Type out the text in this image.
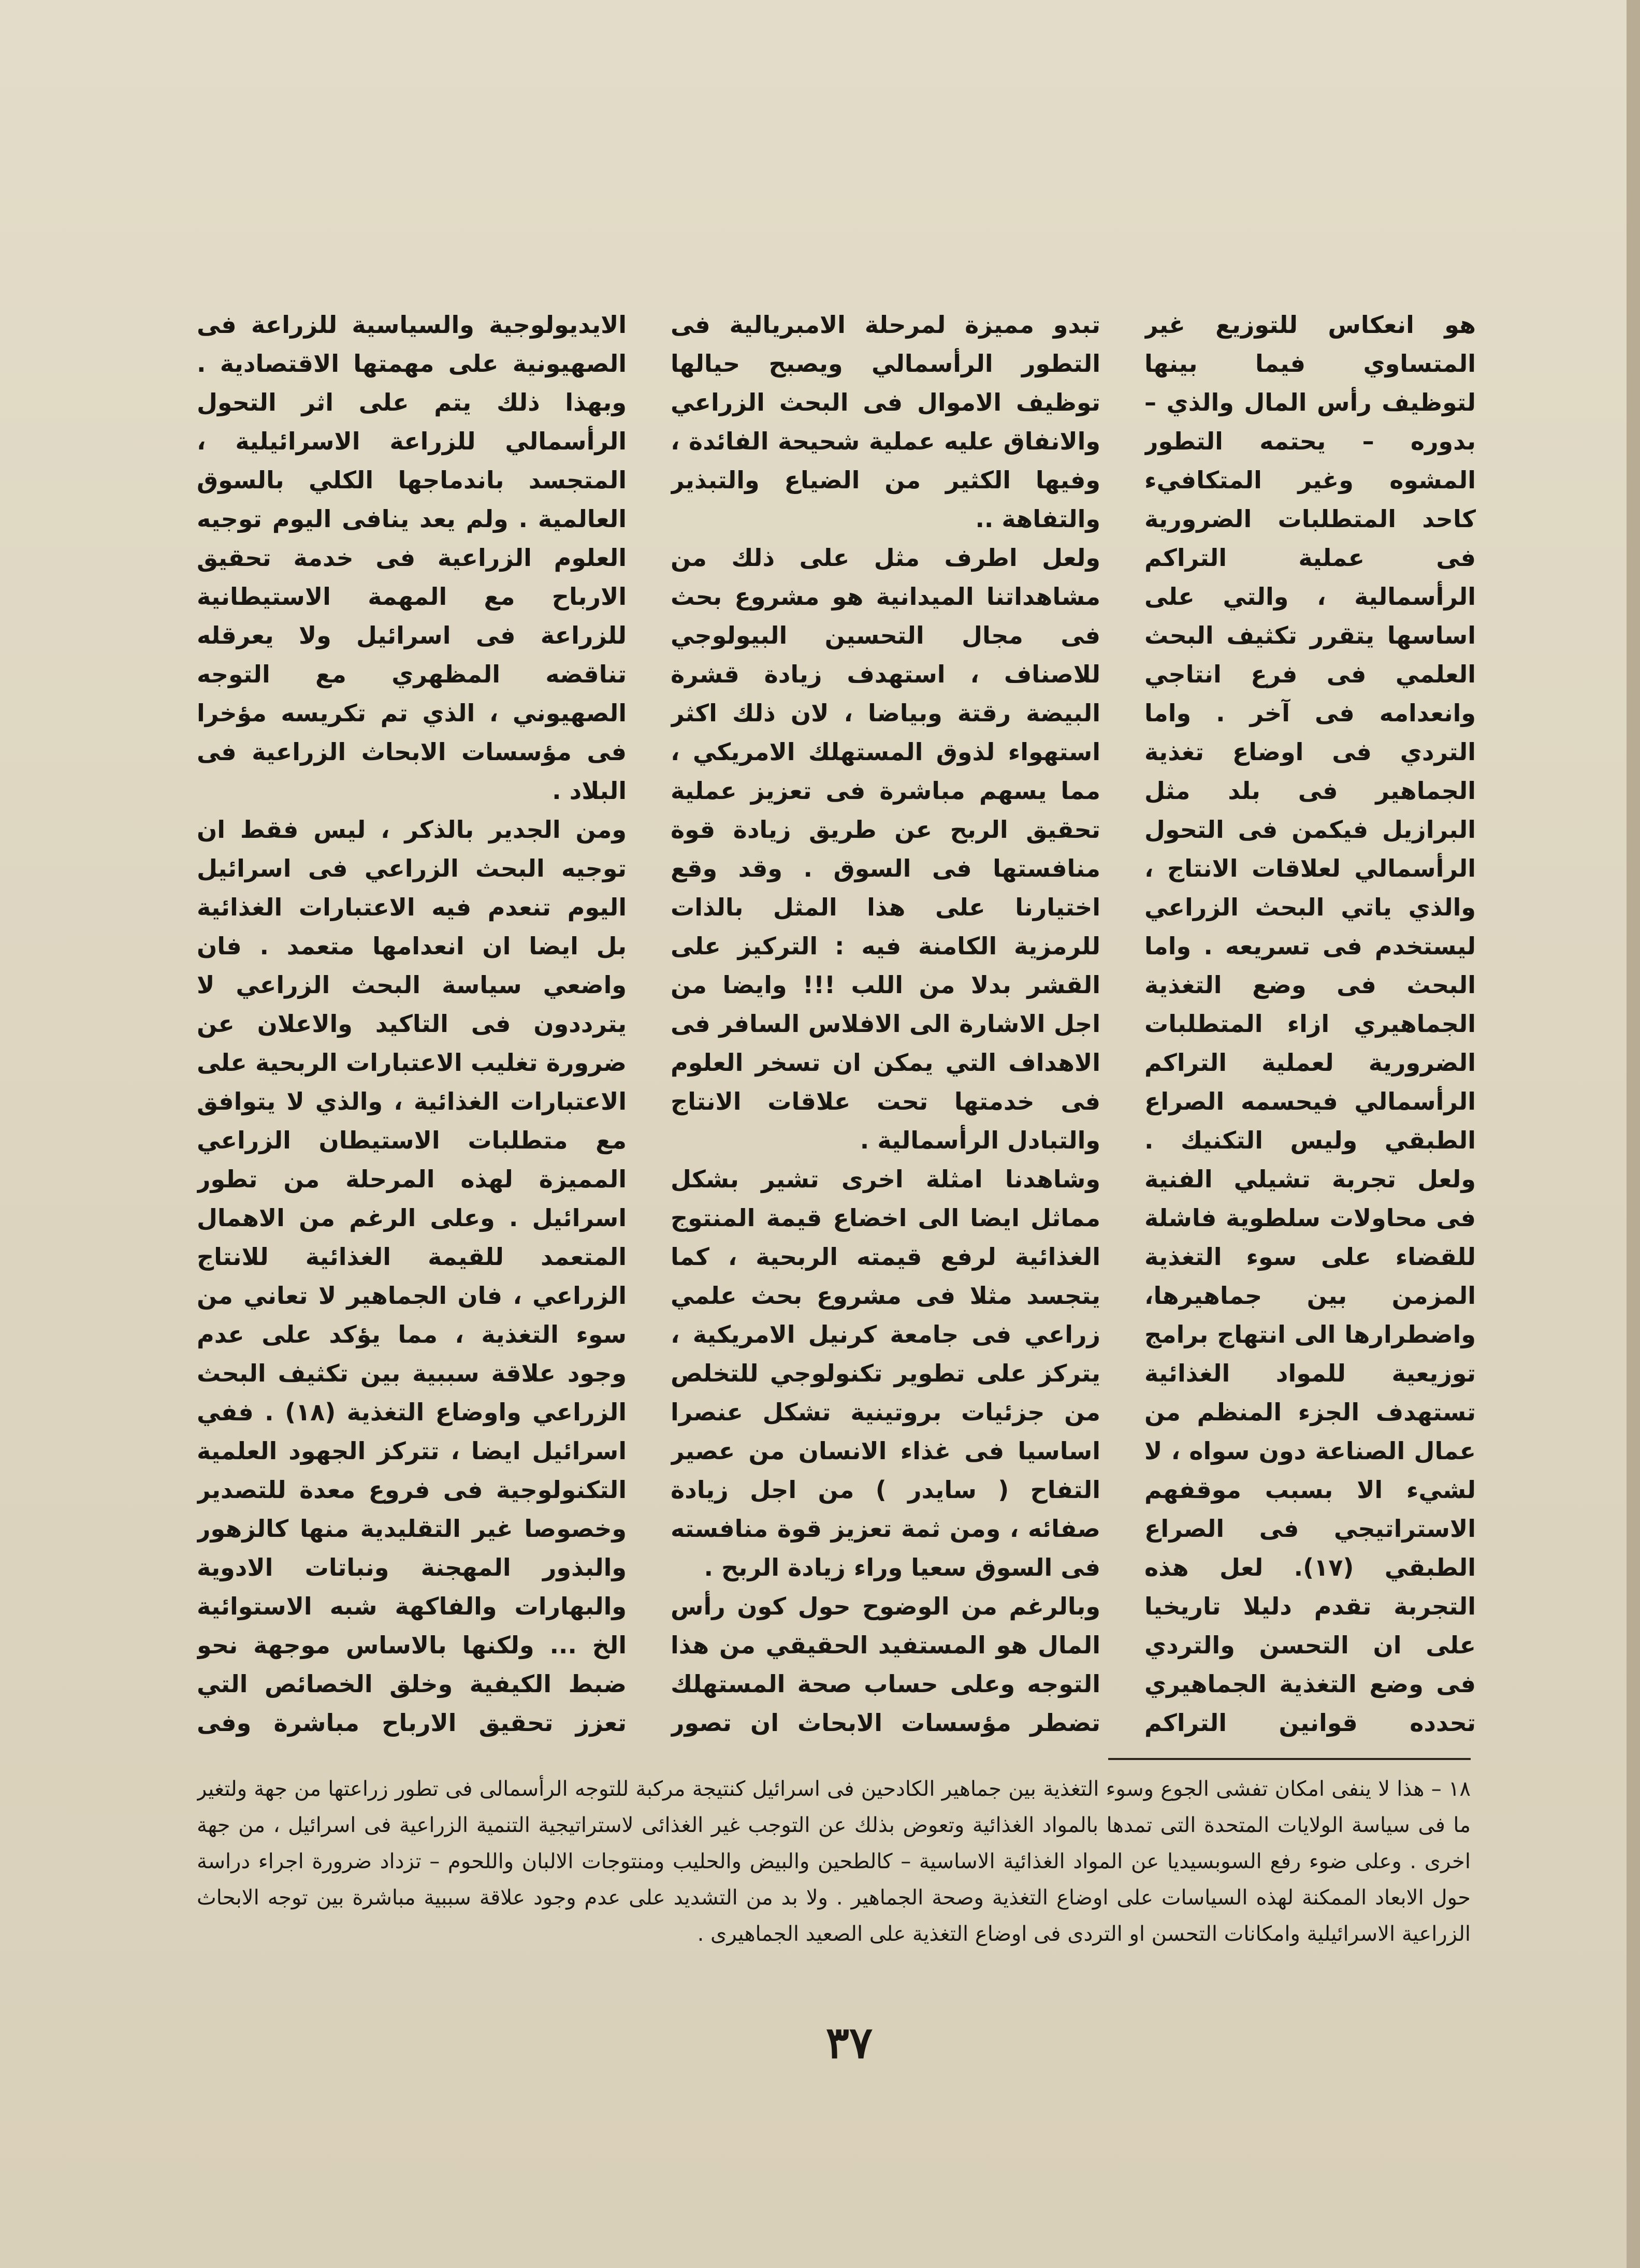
هو انعكاس للتوزيع غير المتساوي فيما بينها لتوظيف رأس المال والذي – بدوره – يحتمه التطور المشوه وغير المتكافيء كاحد المتطلبات الضرورية فى عملية التراكم الرأسمالية ، والتي على اساسها يتقرر تكثيف البحث العلمي فى فرع انتاجي وانعدامه فى آخر . واما التردي فى اوضاع تغذية الجماهير فى بلد مثل البرازيل فيكمن فى التحول الرأسمالي لعلاقات الانتاج ، والذي ياتي البحث الزراعي ليستخدم فى تسريعه . واما البحث فى وضع التغذية الجماهيري ازاء المتطلبات الضرورية لعملية التراكم الرأسمالي فيحسمه الصراع الطبقي وليس التكنيك . ولعل تجربة تشيلي الفنية فى محاولات سلطوية فاشلة للقضاء على سوء التغذية المزمن بين جماهيرها، واضطرارها الى انتهاج برامج توزيعية للمواد الغذائية تستهدف الجزء المنظم من عمال الصناعة دون سواه ، لا لشيء الا بسبب موقفهم الاستراتيجي فى الصراع الطبقي (١٧). لعل هذه التجربة تقدم دليلا تاريخيا على ان التحسن والتردي فى وضع التغذية الجماهيري تحدده قوانين التراكم

تبدو مميزة لمرحلة الامبريالية فى التطور الرأسمالي ويصبح حيالها توظيف الاموال فى البحث الزراعي والانفاق عليه عملية شحيحة الفائدة ، وفيها الكثير من الضياع والتبذير والتفاهة ..

ولعل اطرف مثل على ذلك من مشاهداتنا الميدانية هو مشروع بحث فى مجال التحسين البيولوجي للاصناف ، استهدف زيادة قشرة البيضة رقتة وبياضا ، لان ذلك اكثر استهواء لذوق المستهلك الامريكي ، مما يسهم مباشرة فى تعزيز عملية تحقيق الربح عن طريق زيادة قوة منافستها فى السوق . وقد وقع اختيارنا على هذا المثل بالذات للرمزية الكامنة فيه : التركيز على القشر بدلا من اللب !!! وايضا من اجل الاشارة الى الافلاس السافر فى الاهداف التي يمكن ان تسخر العلوم فى خدمتها تحت علاقات الانتاج والتبادل الرأسمالية .

وشاهدنا امثلة اخرى تشير بشكل مماثل ايضا الى اخضاع قيمة المنتوج الغذائية لرفع قيمته الربحية ، كما يتجسد مثلا فى مشروع بحث علمي زراعي فى جامعة كرنيل الامريكية ، يتركز على تطوير تكنولوجي للتخلص من جزئيات بروتينية تشكل عنصرا اساسيا فى غذاء الانسان من عصير التفاح ( سايدر ) من اجل زيادة صفائه ، ومن ثمة تعزيز قوة منافسته فى السوق سعيا وراء زيادة الربح .

وبالرغم من الوضوح حول كون رأس المال هو المستفيد الحقيقي من هذا التوجه وعلى حساب صحة المستهلك تضطر مؤسسات الابحاث ان تصور

الايديولوجية والسياسية للزراعة فى الصهيونية على مهمتها الاقتصادية . وبهذا ذلك يتم على اثر التحول الرأسمالي للزراعة الاسرائيلية ، المتجسد باندماجها الكلي بالسوق العالمية . ولم يعد ينافى اليوم توجيه العلوم الزراعية فى خدمة تحقيق الارباح مع المهمة الاستيطانية للزراعة فى اسرائيل ولا يعرقله تناقضه المظهري مع التوجه الصهيوني ، الذي تم تكريسه مؤخرا فى مؤسسات الابحاث الزراعية فى البلاد .

ومن الجدير بالذكر ، ليس فقط ان توجيه البحث الزراعي فى اسرائيل اليوم تنعدم فيه الاعتبارات الغذائية بل ايضا ان انعدامها متعمد . فان واضعي سياسة البحث الزراعي لا يترددون فى التاكيد والاعلان عن ضرورة تغليب الاعتبارات الربحية على الاعتبارات الغذائية ، والذي لا يتوافق مع متطلبات الاستيطان الزراعي المميزة لهذه المرحلة من تطور اسرائيل . وعلى الرغم من الاهمال المتعمد للقيمة الغذائية للانتاج الزراعي ، فان الجماهير لا تعاني من سوء التغذية ، مما يؤكد على عدم وجود علاقة سببية بين تكثيف البحث الزراعي واوضاع التغذية (١٨) . ففي اسرائيل ايضا ، تتركز الجهود العلمية التكنولوجية فى فروع معدة للتصدير وخصوصا غير التقليدية منها كالزهور والبذور المهجنة ونباتات الادوية والبهارات والفاكهة شبه الاستوائية الخ ... ولكنها بالاساس موجهة نحو ضبط الكيفية وخلق الخصائص التي تعزز تحقيق الارباح مباشرة وفى

١٨ – هذا لا ينفى امكان تفشى الجوع وسوء التغذية بين جماهير الكادحين فى اسرائيل كنتيجة مركبة للتوجه الرأسمالى فى تطور زراعتها من جهة ولتغير ما فى سياسة الولايات المتحدة التى تمدها بالمواد الغذائية وتعوض بذلك عن التوجب غير الغذائى لاستراتيجية التنمية الزراعية فى اسرائيل ، من جهة اخرى . وعلى ضوء رفع السوبسيديا عن المواد الغذائية الاساسية – كالطحين والبيض والحليب ومنتوجات الالبان واللحوم – تزداد ضرورة اجراء دراسة حول الابعاد الممكنة لهذه السياسات على اوضاع التغذية وصحة الجماهير . ولا بد من التشديد على عدم وجود علاقة سببية مباشرة بين توجه الابحاث الزراعية الاسرائيلية وامكانات التحسن او التردى فى اوضاع التغذية على الصعيد الجماهيرى .

٣٧
